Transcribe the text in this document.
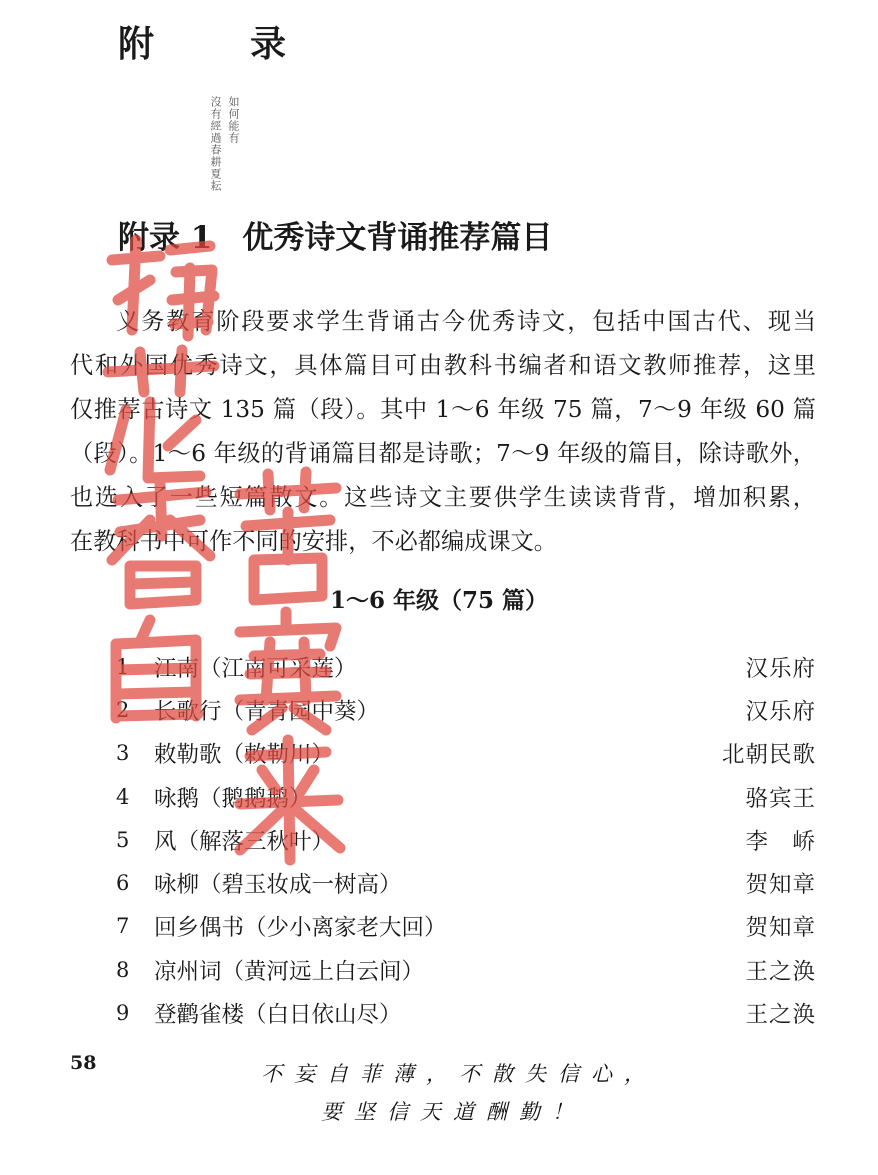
附　录
如何能有
沒有經過春耕夏耘
附录 1 优秀诗文背诵推荐篇目
义务教育阶段要求学生背诵古今优秀诗文，包括中国古代、现当
代和外国优秀诗文，具体篇目可由教科书编者和语文教师推荐，这里
仅推荐古诗文 135 篇（段）。其中 1～6 年级 75 篇，7～9 年级 60 篇
（段）。1～6 年级的背诵篇目都是诗歌；7～9 年级的篇目，除诗歌外，
也选入了一些短篇散文。这些诗文主要供学生读读背背，增加积累，
在教科书中可作不同的安排，不必都编成课文。
1～6 年级（75 篇）
1	江南（江南可采莲）	汉乐府
2	长歌行（青青园中葵）	汉乐府
3	敕勒歌（敕勒川）	北朝民歌
4	咏鹅（鹅鹅鹅）	骆宾王
5	风（解落三秋叶）	李　峤
6	咏柳（碧玉妆成一树高）	贺知章
7	回乡偶书（少小离家老大回）	贺知章
8	凉州词（黄河远上白云间）	王之涣
9	登鹳雀楼（白日依山尽）	王之涣
58	不妄自菲薄，不散失信心，
要坚信天道酬勤！
